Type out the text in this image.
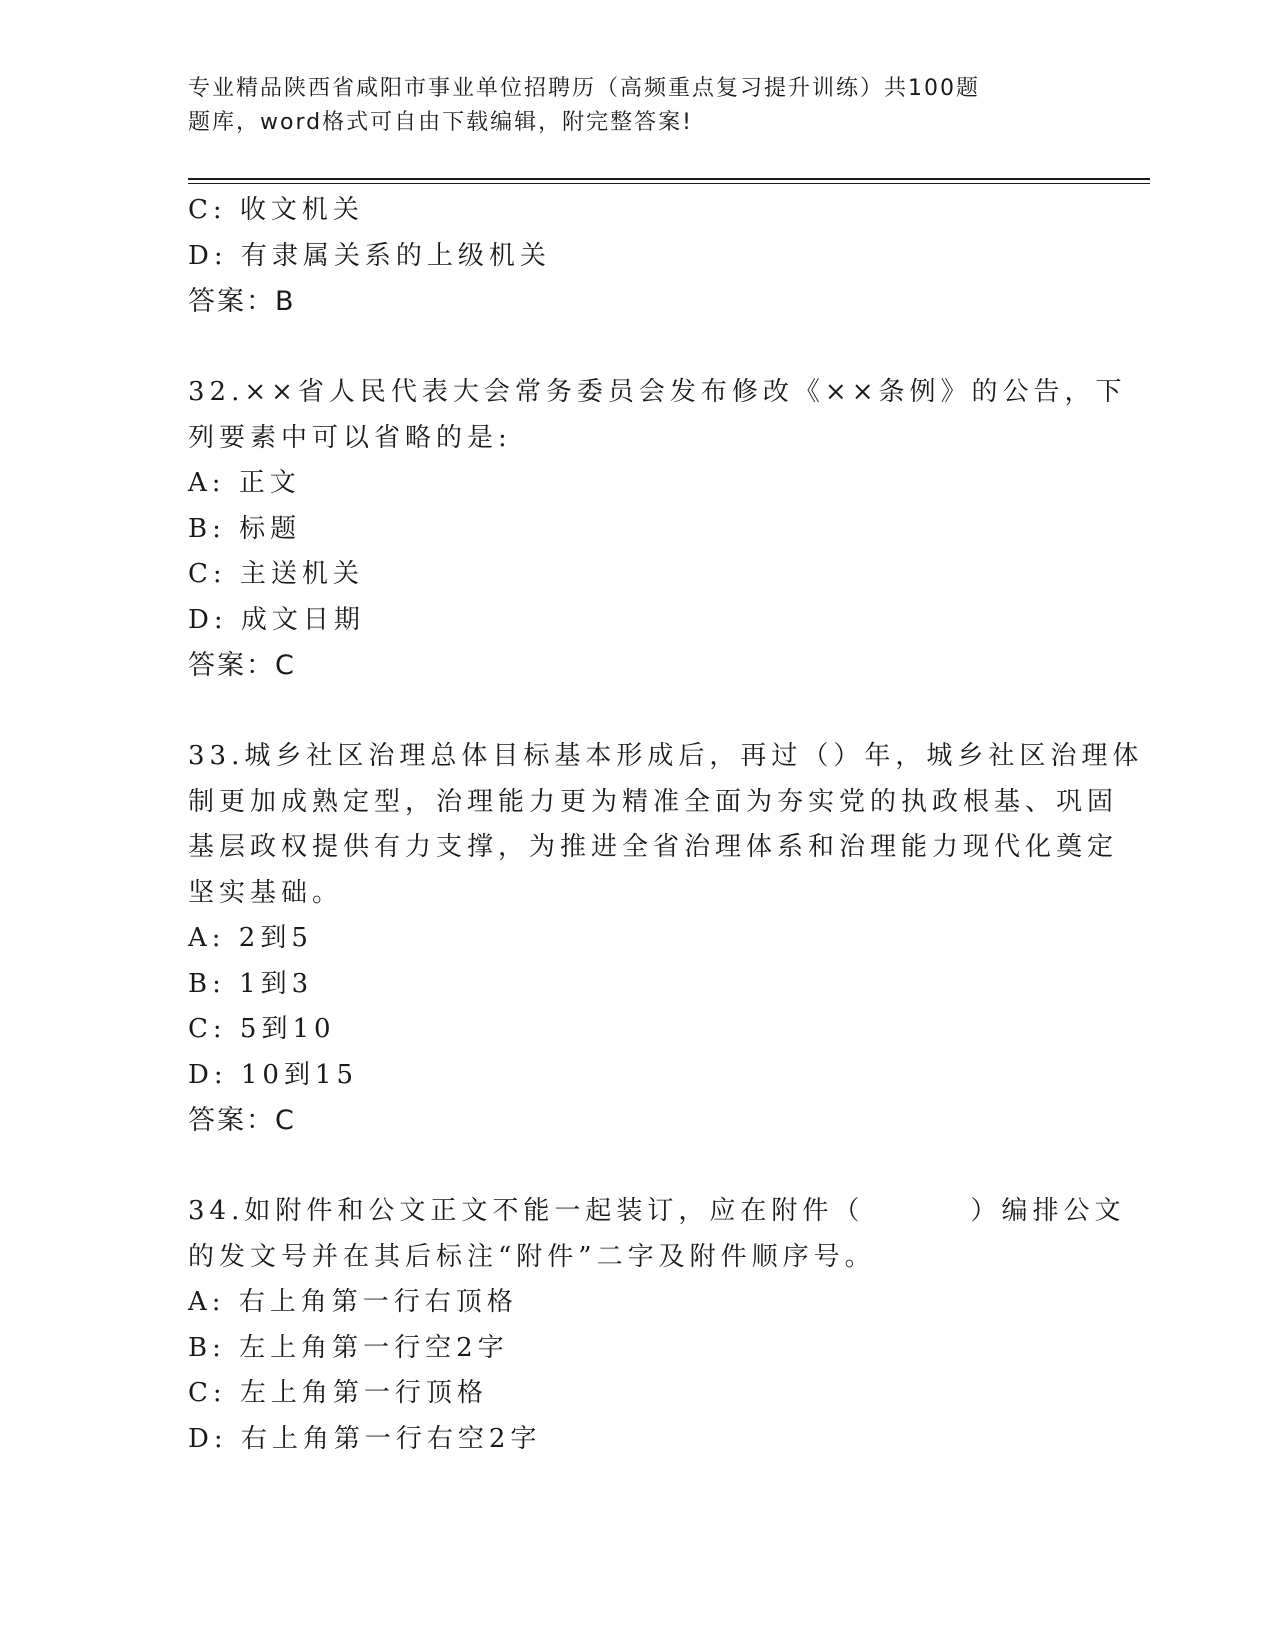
专业精品陕西省咸阳市事业单位招聘历（高频重点复习提升训练）共100题
题库，word格式可自由下载编辑，附完整答案!
C: 收文机关
D: 有隶属关系的上级机关
答案：B
32.××省人民代表大会常务委员会发布修改《××条例》的公告，下
列要素中可以省略的是:
A: 正文
B: 标题
C: 主送机关
D: 成文日期
答案：C
33.城乡社区治理总体目标基本形成后，再过（）年，城乡社区治理体
制更加成熟定型，治理能力更为精准全面为夯实党的执政根基、巩固
基层政权提供有力支撑，为推进全省治理体系和治理能力现代化奠定
坚实基础。
A: 2到5
B: 1到3
C: 5到10
D: 10到15
答案：C
34.如附件和公文正文不能一起装订，应在附件（        ）编排公文
的发文号并在其后标注“附件”二字及附件顺序号。
A: 右上角第一行右顶格
B: 左上角第一行空2字
C: 左上角第一行顶格
D: 右上角第一行右空2字
